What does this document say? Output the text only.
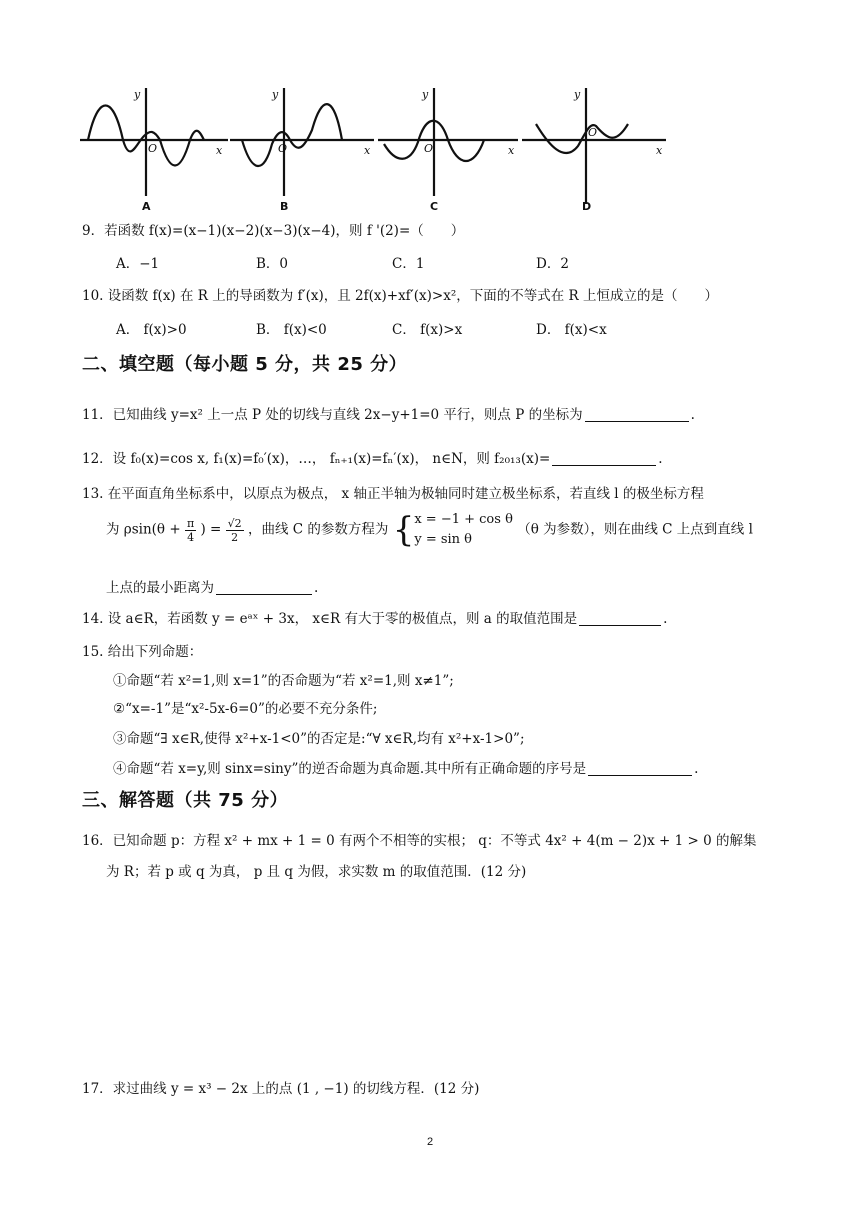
y
O	x
y
O	x
y
O	x
y
O
x
A	B	C	D
9．若函数 f(x)=(x−1)(x−2)(x−3)(x−4)，则 f '(2)=（　　）
A．−1	B．0	C．1	D．2
10. 设函数 f(x) 在 R 上的导函数为 f′(x)，且 2f(x)+xf′(x)>x²，下面的不等式在 R 上恒成立的是（　　）
A． f(x)>0	B． f(x)<0	C． f(x)>x	D． f(x)<x
二、填空题（每小题 5 分，共 25 分）
11．已知曲线 y=x² 上一点 P 处的切线与直线 2x−y+1=0 平行，则点 P 的坐标为	.
12．设 f₀(x)=cos x, f₁(x)=f₀′(x)，…， fₙ₊₁(x)=fₙ′(x)， n∈N，则 f₂₀₁₃(x)=	.
13. 在平面直角坐标系中，以原点为极点， x 轴正半轴为极轴同时建立极坐标系，若直线 l 的极坐标方程
为 $\rho\sin(\theta + \frac{\pi}{4}$ ) = $\frac{√2}{2}$ ，曲线 C 的参数方程为 { x = −1 + cos θ
y = sin θ
（θ 为参数），则在曲线 C 上点到直线 l
上点的最小距离为	.
14. 设 a∈R，若函数 y = eᵃˣ + 3x， x∈R 有大于零的极值点，则 a 的取值范围是	.
15. 给出下列命题：
①命题“若 x²=1,则 x=1”的否命题为“若 x²=1,则 x≠1”;
②“x=-1”是“x²-5x-6=0”的必要不充分条件;
③命题“∃ x∈R,使得 x²+x-1<0”的否定是:“∀ x∈R,均有 x²+x-1>0”;
④命题“若 x=y,则 sinx=siny”的逆否命题为真命题.其中所有正确命题的序号是	.
三、解答题（共 75 分）
16．已知命题 p：方程 x² + mx + 1 = 0 有两个不相等的实根； q：不等式 4x² + 4(m − 2)x + 1 > 0 的解集
为 R；若 p 或 q 为真， p 且 q 为假，求实数 m 的取值范围．(12 分)
17．求过曲线 y = x³ − 2x 上的点 (1 , −1) 的切线方程．(12 分)
2
